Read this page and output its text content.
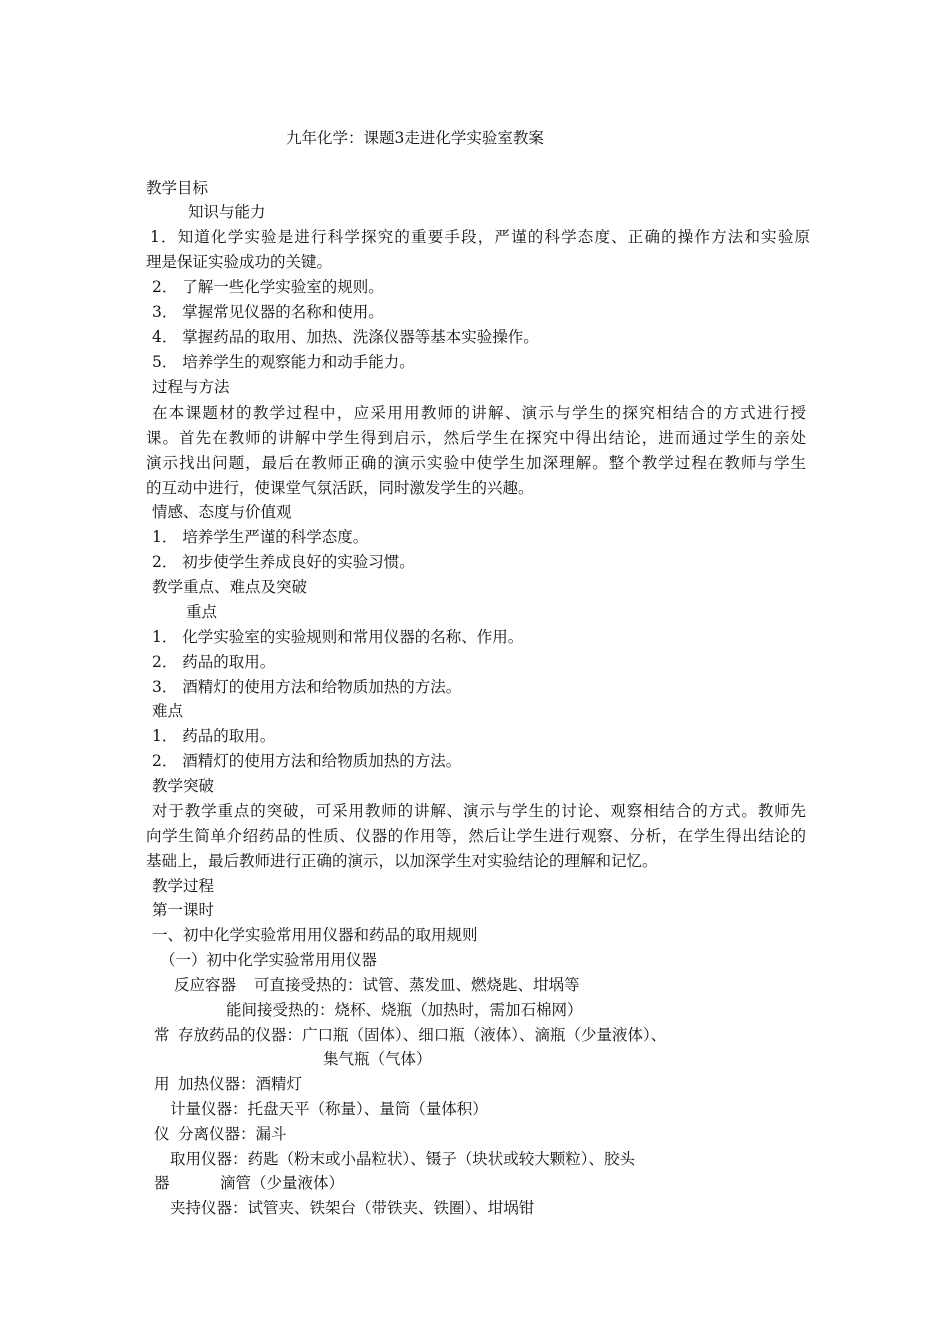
九年化学：课题3走进化学实验室教案
教学目标
知识与能力
1．知道化学实验是进行科学探究的重要手段，严谨的科学态度、正确的操作方法和实验原
理是保证实验成功的关键。
2． 了解一些化学实验室的规则。
3． 掌握常见仪器的名称和使用。
4． 掌握药品的取用、加热、洗涤仪器等基本实验操作。
5． 培养学生的观察能力和动手能力。
过程与方法
在本课题材的教学过程中，应采用用教师的讲解、演示与学生的探究相结合的方式进行授
课。首先在教师的讲解中学生得到启示，然后学生在探究中得出结论，进而通过学生的亲处
演示找出问题，最后在教师正确的演示实验中使学生加深理解。整个教学过程在教师与学生
的互动中进行，使课堂气氛活跃，同时激发学生的兴趣。
情感、态度与价值观
1． 培养学生严谨的科学态度。
2． 初步使学生养成良好的实验习惯。
教学重点、难点及突破
重点
1． 化学实验室的实验规则和常用仪器的名称、作用。
2． 药品的取用。
3． 酒精灯的使用方法和给物质加热的方法。
难点
1． 药品的取用。
2． 酒精灯的使用方法和给物质加热的方法。
教学突破
对于教学重点的突破，可采用教师的讲解、演示与学生的讨论、观察相结合的方式。教师先
向学生简单介绍药品的性质、仪器的作用等，然后让学生进行观察、分析，在学生得出结论的
基础上，最后教师进行正确的演示，以加深学生对实验结论的理解和记忆。
教学过程
第一课时
一、初中化学实验常用用仪器和药品的取用规则
（一）初中化学实验常用用仪器
反应容器 可直接受热的：试管、蒸发皿、燃烧匙、坩埚等
能间接受热的：烧杯、烧瓶（加热时，需加石棉网）
常 存放药品的仪器：广口瓶（固体）、细口瓶（液体）、滴瓶（少量液体）、
集气瓶（气体）
用 加热仪器：酒精灯
计量仪器：托盘天平（称量）、量筒（量体积）
仪 分离仪器：漏斗
取用仪器：药匙（粉末或小晶粒状）、镊子（块状或较大颗粒）、胶头
器	滴管（少量液体）
夹持仪器：试管夹、铁架台（带铁夹、铁圈）、坩埚钳
